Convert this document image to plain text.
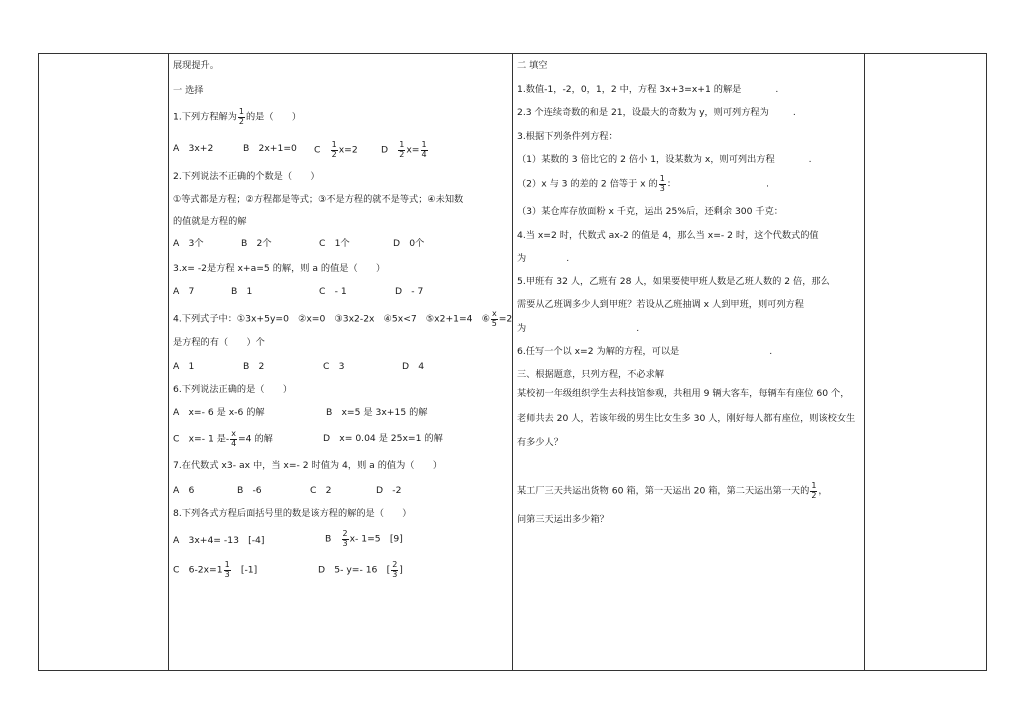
展现提升。
一 选择
1.下列方程解为 $\frac{1}{2}$ 的是（　　）
A　3x+2	B　2x+1=0 C　 $\frac{1}{2} x=2$	D　 $\frac{1}{2} x= \frac{1}{4}$
2.下列说法不正确的个数是（　　）
①等式都是方程；②方程都是等式；③不是方程的就不是等式；④未知数
的值就是方程的解
A　3个	B　2个	C　1个	D　0个
3.x= -2是方程 x+a=5 的解，则 a 的值是（　　）
A　7	B　1	C　- 1	D　- 7
4.下列式子中：①3x+5y=0　②x=0　③3x2-2x　④5x<7　⑤x2+1=4　⑥ $\frac{x}{5} =2$
是方程的有（　　）个
A　1	B　2	C　3	D　4
6.下列说法正确的是（　　）
A　x=- 6 是 x-6 的解	B　x=5 是 3x+15 的解
C　x=- 1 是- $\frac{x}{4} =4$ 的解	D　x= 0.04 是 25x=1 的解
7.在代数式 x3- ax 中，当 x=- 2 时值为 4，则 a 的值为（　　）
A　6	B　-6	C　2	D　-2
8.下列各式方程后面括号里的数是该方程的解的是（　　）
A　3x+4= -13　[-4]	B　 $\frac{2}{3} x-$ 1=5　[9]
C　$6-2x=1 \frac{1}{3}$
　 [-1]	D　5- y=- 16　[ $\frac{2}{3}$ ]
二 填空
1.数值-1，-2，0，1，2 中，方程 3x+3=x+1 的解是	.
2.3 个连续奇数的和是 21，设最大的奇数为 y，则可列方程为	.
3.根据下列条件列方程：
（1）某数的 3 倍比它的 2 倍小 1，设某数为 x，则可列出方程	.
（2）x 与 3 的差的 2 倍等于 x 的 $\frac{1}{3}$ ：	.
（3）某仓库存放面粉 x 千克，运出 25%后，还剩余 300 千克：
4.当 x=2 时，代数式 ax-2 的值是 4，那么当 x=- 2 时，这个代数式的值
为	.
5.甲班有 32 人，乙班有 28 人，如果要使甲班人数是乙班人数的 2 倍，那么
需要从乙班调多少人到甲班？若设从乙班抽调 x 人到甲班，则可列方程
为	.
6.任写一个以 x=2 为解的方程，可以是	.
三、根据题意，只列方程，不必求解
某校初一年级组织学生去科技馆参观，共租用 9 辆大客车，每辆车有座位 60 个，老师共去 20 人，若该年级的男生比女生多 30 人，刚好每人都有座位，则该校女生有多少人？
某工厂三天共运出货物 60 箱，第一天运出 20 箱，第二天运出第一天的 $\frac{1}{2}$ ，
问第三天运出多少箱？
